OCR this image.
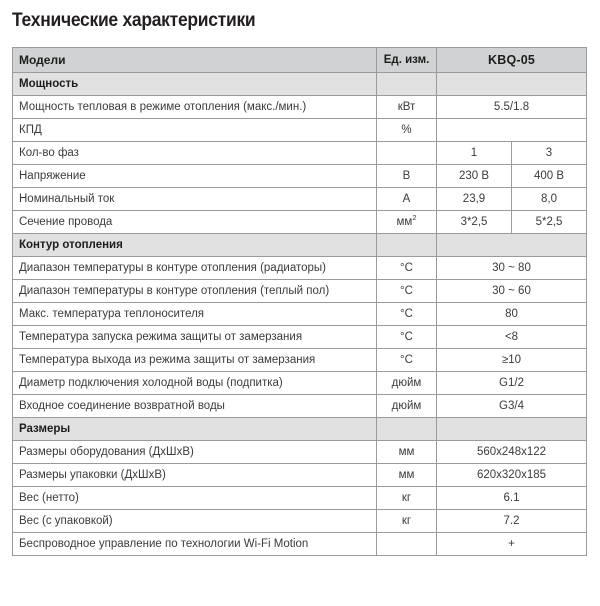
Технические характеристики
Модели	Ед. изм.	KBQ-05	
Мощность			
Мощность тепловая в режиме отопления (макс./мин.)	кВт	5.5/1.8	
КПД	%		
Кол-во фаз		1	3
Напряжение	В	230 В	400 В
Номинальный ток	А	23,9	8,0
Сечение провода	$мм^2$	3*2,5	5*2,5
Контур отопления			
Диапазон температуры в контуре отопления (радиаторы)	°C	30 ~ 80	
Диапазон температуры в контуре отопления (теплый пол)	°C	30 ~ 60	
Макс. температура теплоносителя	°C	80	
Температура запуска режима защиты от замерзания	°C	<8	
Температура выхода из режима защиты от замерзания	°C	≥10	
Диаметр подключения холодной воды (подпитка)	дюйм	G1/2	
Входное соединение возвратной воды	дюйм	G3/4	
Размеры			
Размеры оборудования (ДхШхВ)	мм	560x248x122	
Размеры упаковки (ДхШхВ)	мм	620x320x185	
Вес (нетто)	кг	6.1	
Вес (с упаковкой)	кг	7.2	
Беспроводное управление по технологии Wi-Fi Motion		+	
